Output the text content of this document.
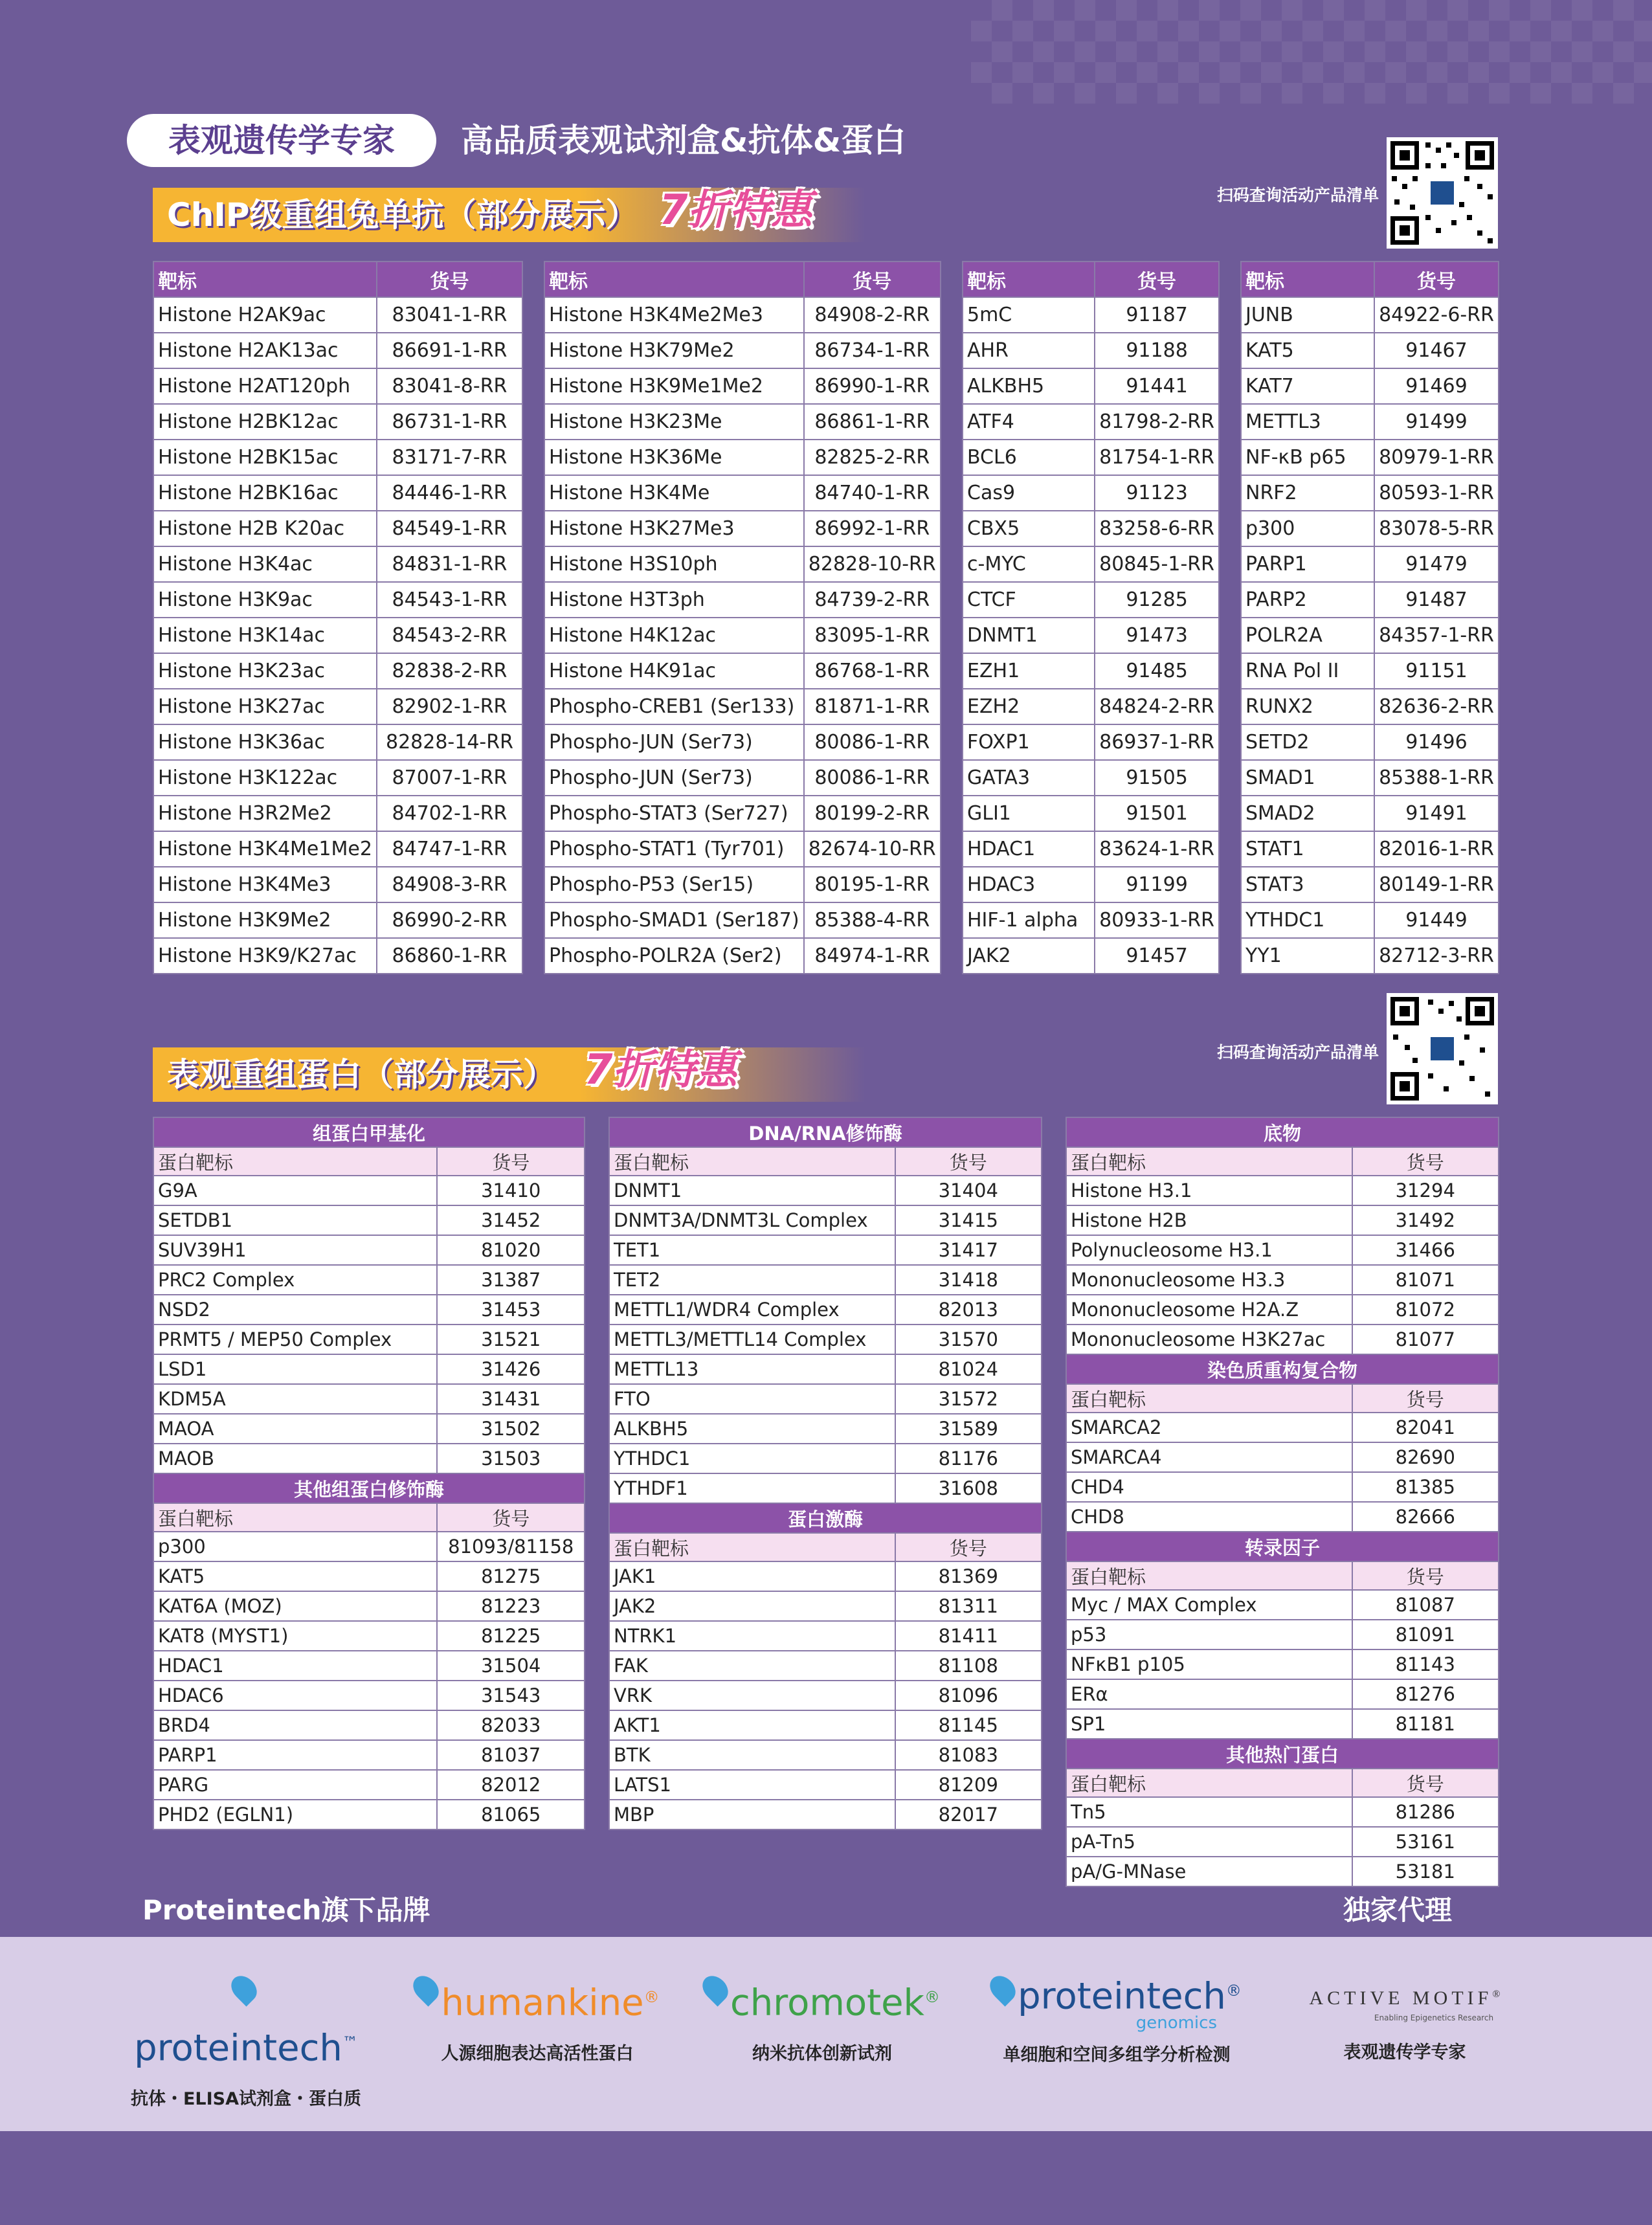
表观遗传学专家	高品质表观试剂盒&抗体&蛋白
ChIP级重组兔单抗（部分展示） 7折特惠	扫码查询活动产品清单
靶标	货号
Histone H2AK9ac	83041-1-RR
Histone H2AK13ac	86691-1-RR
Histone H2AT120ph	83041-8-RR
Histone H2BK12ac	86731-1-RR
Histone H2BK15ac	83171-7-RR
Histone H2BK16ac	84446-1-RR
Histone H2B K20ac	84549-1-RR
Histone H3K4ac	84831-1-RR
Histone H3K9ac	84543-1-RR
Histone H3K14ac	84543-2-RR
Histone H3K23ac	82838-2-RR
Histone H3K27ac	82902-1-RR
Histone H3K36ac	82828-14-RR
Histone H3K122ac	87007-1-RR
Histone H3R2Me2	84702-1-RR
Histone H3K4Me1Me2	84747-1-RR
Histone H3K4Me3	84908-3-RR
Histone H3K9Me2	86990-2-RR
Histone H3K9/K27ac	86860-1-RR
靶标	货号
Histone H3K4Me2Me3	84908-2-RR
Histone H3K79Me2	86734-1-RR
Histone H3K9Me1Me2	86990-1-RR
Histone H3K23Me	86861-1-RR
Histone H3K36Me	82825-2-RR
Histone H3K4Me	84740-1-RR
Histone H3K27Me3	86992-1-RR
Histone H3S10ph	82828-10-RR
Histone H3T3ph	84739-2-RR
Histone H4K12ac	83095-1-RR
Histone H4K91ac	86768-1-RR
Phospho-CREB1 (Ser133)	81871-1-RR
Phospho-JUN (Ser73)	80086-1-RR
Phospho-JUN (Ser73)	80086-1-RR
Phospho-STAT3 (Ser727)	80199-2-RR
Phospho-STAT1 (Tyr701)	82674-10-RR
Phospho-P53 (Ser15)	80195-1-RR
Phospho-SMAD1 (Ser187)	85388-4-RR
Phospho-POLR2A (Ser2)	84974-1-RR
靶标	货号
5mC	91187
AHR	91188
ALKBH5	91441
ATF4	81798-2-RR
BCL6	81754-1-RR
Cas9	91123
CBX5	83258-6-RR
c-MYC	80845-1-RR
CTCF	91285
DNMT1	91473
EZH1	91485
EZH2	84824-2-RR
FOXP1	86937-1-RR
GATA3	91505
GLI1	91501
HDAC1	83624-1-RR
HDAC3	91199
HIF-1 alpha	80933-1-RR
JAK2	91457
靶标	货号
JUNB	84922-6-RR
KAT5	91467
KAT7	91469
METTL3	91499
NF-κB p65	80979-1-RR
NRF2	80593-1-RR
p300	83078-5-RR
PARP1	91479
PARP2	91487
POLR2A	84357-1-RR
RNA Pol II	91151
RUNX2	82636-2-RR
SETD2	91496
SMAD1	85388-1-RR
SMAD2	91491
STAT1	82016-1-RR
STAT3	80149-1-RR
YTHDC1	91449
YY1	82712-3-RR
表观重组蛋白（部分展示） 7折特惠	扫码查询活动产品清单
组蛋白甲基化	
蛋白靶标	货号
G9A	31410
SETDB1	31452
SUV39H1	81020
PRC2 Complex	31387
NSD2	31453
PRMT5 / MEP50 Complex	31521
LSD1	31426
KDM5A	31431
MAOA	31502
MAOB	31503
其他组蛋白修饰酶	
蛋白靶标	货号
p300	81093/81158
KAT5	81275
KAT6A (MOZ)	81223
KAT8 (MYST1)	81225
HDAC1	31504
HDAC6	31543
BRD4	82033
PARP1	81037
PARG	82012
PHD2 (EGLN1)	81065
DNA/RNA修饰酶	
蛋白靶标	货号
DNMT1	31404
DNMT3A/DNMT3L Complex	31415
TET1	31417
TET2	31418
METTL1/WDR4 Complex	82013
METTL3/METTL14 Complex	31570
METTL13	81024
FTO	31572
ALKBH5	31589
YTHDC1	81176
YTHDF1	31608
蛋白激酶	
蛋白靶标	货号
JAK1	81369
JAK2	81311
NTRK1	81411
FAK	81108
VRK	81096
AKT1	81145
BTK	81083
LATS1	81209
MBP	82017
底物	
蛋白靶标	货号
Histone H3.1	31294
Histone H2B	31492
Polynucleosome H3.1	31466
Mononucleosome H3.3	81071
Mononucleosome H2A.Z	81072
Mononucleosome H3K27ac	81077
染色质重构复合物	
蛋白靶标	货号
SMARCA2	82041
SMARCA4	82690
CHD4	81385
CHD8	82666
转录因子	
蛋白靶标	货号
Myc / MAX Complex	81087
p53	81091
NFκB1 p105	81143
ERα	81276
SP1	81181
其他热门蛋白	
蛋白靶标	货号
Tn5	81286
pA-Tn5	53161
pA/G-MNase	53181
Proteintech旗下品牌	独家代理
proteintech™
抗体・ELISA试剂盒・蛋白质
humankine®
人源细胞表达高活性蛋白
chromotek®
纳米抗体创新试剂
proteintech®
genomics
单细胞和空间多组学分析检测
ACTIVE MOTIF®
Enabling Epigenetics Research
表观遗传学专家
